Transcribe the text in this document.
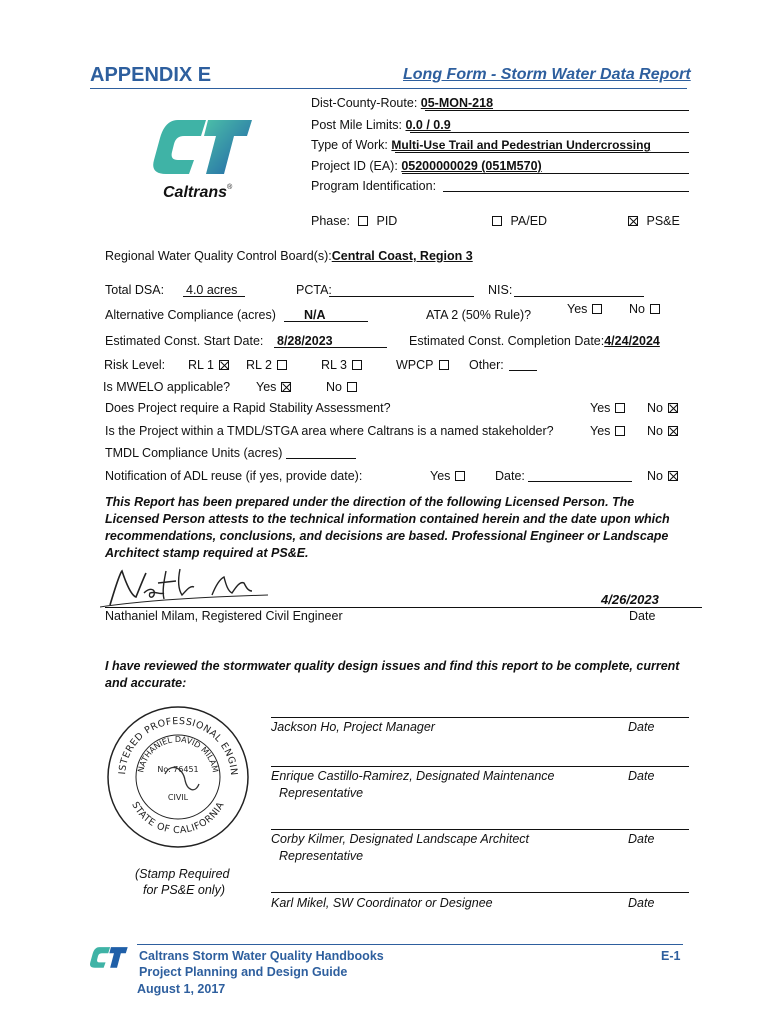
APPENDIX E	Long Form - Storm Water Data Report
Caltrans®
Dist-County-Route: 05-MON-218
Post Mile Limits: 0.0 / 0.9
Type of Work: Multi-Use Trail and Pedestrian Undercrossing
Project ID (EA): 05200000029 (051M570)
Program Identification:
Phase:	PID	PA/ED	PS&E
Regional Water Quality Control Board(s):Central Coast, Region 3
Total DSA: 4.0 acres	PCTA:	NIS:
Alternative Compliance (acres) N/A	ATA 2 (50% Rule)?	Yes	No
Estimated Const. Start Date: 8/28/2023	Estimated Const. Completion Date:4/24/2024
Risk Level: RL 1	RL 2	RL 3	WPCP	Other:
Is MWELO applicable? Yes	No
Does Project require a Rapid Stability Assessment?	Yes	No
Is the Project within a TMDL/STGA area where Caltrans is a named stakeholder?	Yes	No
TMDL Compliance Units (acres)
Notification of ADL reuse (if yes, provide date):	Yes	Date:	No
This Report has been prepared under the direction of the following Licensed Person. The Licensed Person attests to the technical information contained herein and the date upon which recommendations, conclusions, and decisions are based. Professional Engineer or Landscape Architect stamp required at PS&E.
4/26/2023
Nathaniel Milam, Registered Civil Engineer	Date
I have reviewed the stormwater quality design issues and find this report to be complete, current and accurate:
ISTERED PROFESSIONAL ENGIN
NATHANIEL DAVID MILAM
STATE OF CALIFORNIA
No. 76451
CIVIL
(Stamp Required
for PS&E only)
Jackson Ho, Project Manager	Date
Enrique Castillo-Ramirez, Designated Maintenance
Representative
Date
Corby Kilmer, Designated Landscape Architect
Representative
Date
Karl Mikel, SW Coordinator or Designee	Date
Caltrans Storm Water Quality Handbooks
Project Planning and Design Guide
August 1, 2017
E-1
